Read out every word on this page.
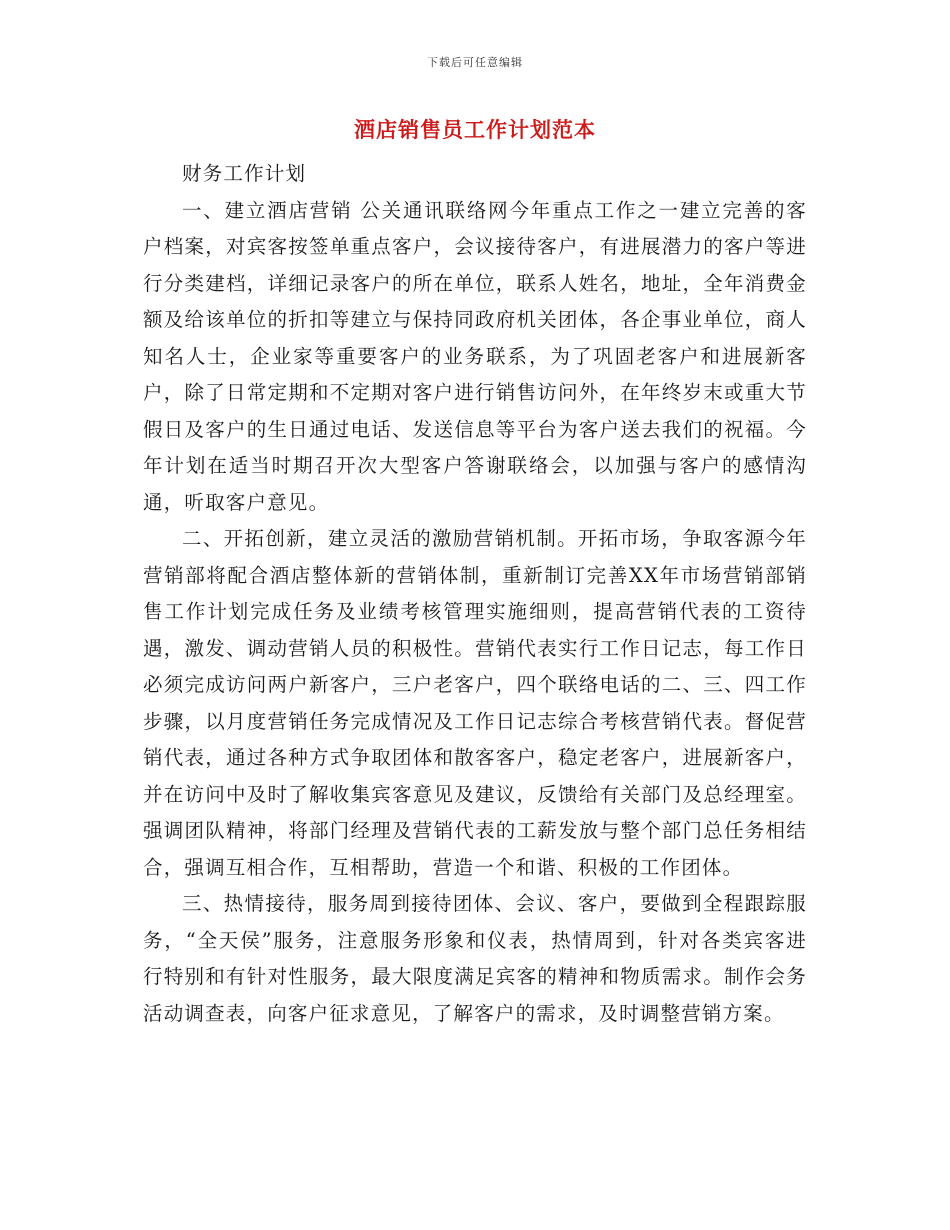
下载后可任意编辑
酒店销售员工作计划范本

财务工作计划

一、建立酒店营销 公关通讯联络网今年重点工作之一建立完善的客户档案，对宾客按签单重点客户，会议接待客户，有进展潜力的客户等进行分类建档，详细记录客户的所在单位，联系人姓名，地址，全年消费金额及给该单位的折扣等建立与保持同政府机关团体，各企事业单位，商人知名人士，企业家等重要客户的业务联系，为了巩固老客户和进展新客户，除了日常定期和不定期对客户进行销售访问外，在年终岁末或重大节假日及客户的生日通过电话、发送信息等平台为客户送去我们的祝福。今年计划在适当时期召开次大型客户答谢联络会，以加强与客户的感情沟通，听取客户意见。

二、开拓创新，建立灵活的激励营销机制。开拓市场，争取客源今年营销部将配合酒店整体新的营销体制，重新制订完善XX年市场营销部销售工作计划完成任务及业绩考核管理实施细则，提高营销代表的工资待遇，激发、调动营销人员的积极性。营销代表实行工作日记志，每工作日必须完成访问两户新客户，三户老客户，四个联络电话的二、三、四工作步骤，以月度营销任务完成情况及工作日记志综合考核营销代表。督促营销代表，通过各种方式争取团体和散客客户，稳定老客户，进展新客户，并在访问中及时了解收集宾客意见及建议，反馈给有关部门及总经理室。强调团队精神，将部门经理及营销代表的工薪发放与整个部门总任务相结合，强调互相合作，互相帮助，营造一个和谐、积极的工作团体。

三、热情接待，服务周到接待团体、会议、客户，要做到全程跟踪服务，“全天侯”服务，注意服务形象和仪表，热情周到，针对各类宾客进行特别和有针对性服务，最大限度满足宾客的精神和物质需求。制作会务活动调查表，向客户征求意见，了解客户的需求，及时调整营销方案。
